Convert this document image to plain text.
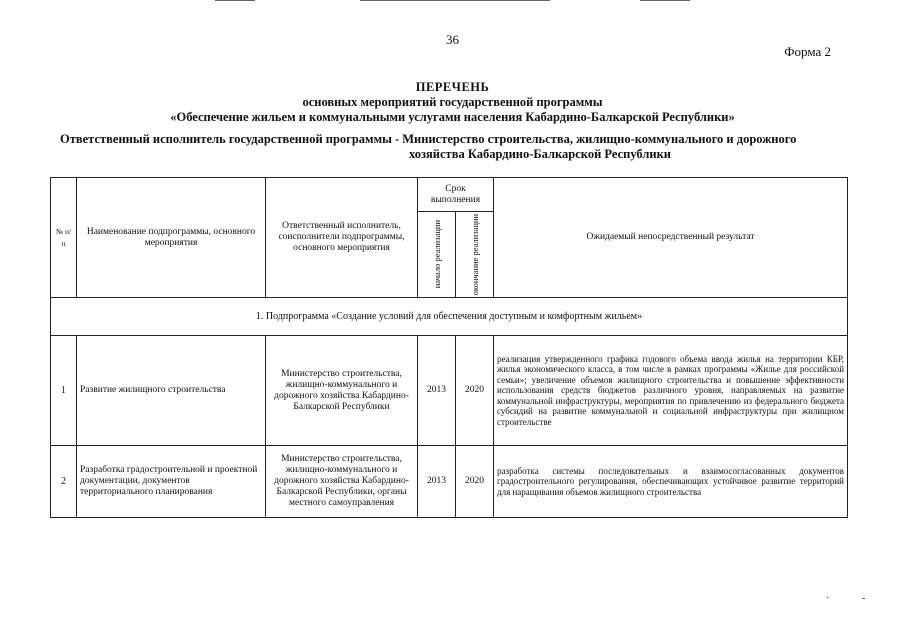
36
Форма 2
ПЕРЕЧЕНЬ
основных мероприятий государственной программы
«Обеспечение жильем и коммунальными услугами населения Кабардино-Балкарской Республики»
Ответственный исполнитель государственной программы - Министерство строительства, жилищно-коммунального и дорожного
хозяйства Кабардино-Балкарской Республики
№ п/п	Наименование подпрограммы, основного мероприятия	Ответственный исполнитель, соисполнители подпрограммы, основного мероприятия	Срок выполнения		Ожидаемый непосредственный результат

			начало реализации	окончание реализации	

1. Подпрограмма «Создание условий для обеспечения доступным и комфортным жильем»					
1	Развитие жилищного строительства	Министерство строительства, жилищно-коммунального и дорожного хозяйства Кабардино-Балкарской Республики	2013	2020	реализация утвержденного графика годового объема ввода жилья на территории КБР, жилья экономического класса, в том числе в рамках программы «Жилье для российской семьи»; увеличение объемов жилищного строительства и повышение эффективности использования средств бюджетов различного уровня, направляемых на развитие коммунальной инфраструктуры, мероприятия по привлечению из федерального бюджета субсидий на развитие коммунальной и социальной инфраструктуры при жилищном строительстве
2	Разработка градостроительной и проектной документации, документов территориального планирования	Министерство строительства, жилищно-коммунального и дорожного хозяйства Кабардино-Балкарской Республики, органы местного самоуправления	2013	2020	разработка системы последовательных и взаимосогласованных документов градостроительного регулирования, обеспечивающих устойчивое развитие территорий для наращивания объемов жилищного строительства
·	-
